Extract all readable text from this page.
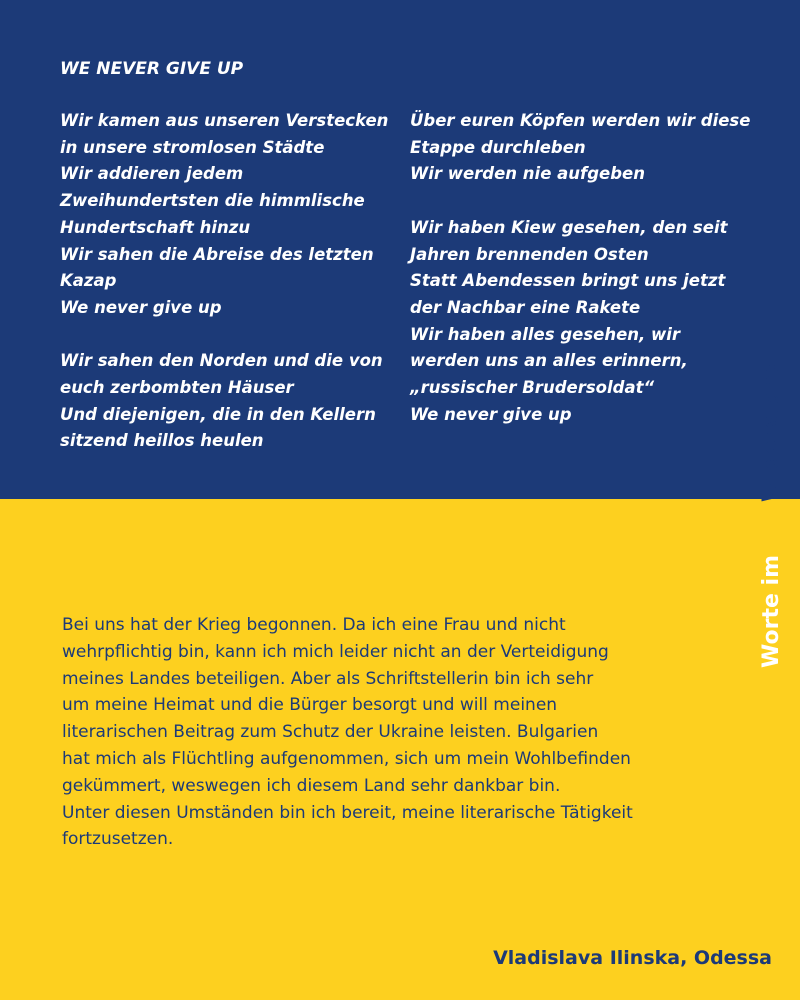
WE NEVER GIVE UP
Wir kamen aus unseren Verstecken
in unsere stromlosen Städte
Wir addieren jedem
Zweihundertsten die himmlische
Hundertschaft hinzu
Wir sahen die Abreise des letzten
Kazap
We never give up
Wir sahen den Norden und die von
euch zerbombten Häuser
Und diejenigen, die in den Kellern
sitzend heillos heulen
Über euren Köpfen werden wir diese
Etappe durchleben
Wir werden nie aufgeben
Wir haben Kiew gesehen, den seit
Jahren brennenden Osten
Statt Abendessen bringt uns jetzt
der Nachbar eine Rakete
Wir haben alles gesehen, wir
werden uns an alles erinnern,
„russischer Brudersoldat“
We never give up
Worte imWiderstand
Bei uns hat der Krieg begonnen. Da ich eine Frau und nicht
wehrpflichtig bin, kann ich mich leider nicht an der Verteidigung
meines Landes beteiligen. Aber als Schriftstellerin bin ich sehr
um meine Heimat und die Bürger besorgt und will meinen
literarischen Beitrag zum Schutz der Ukraine leisten. Bulgarien
hat mich als Flüchtling aufgenommen, sich um mein Wohlbefinden
gekümmert, weswegen ich diesem Land sehr dankbar bin.
Unter diesen Umständen bin ich bereit, meine literarische Tätigkeit
fortzusetzen.
Vladislava Ilinska, Odessa
